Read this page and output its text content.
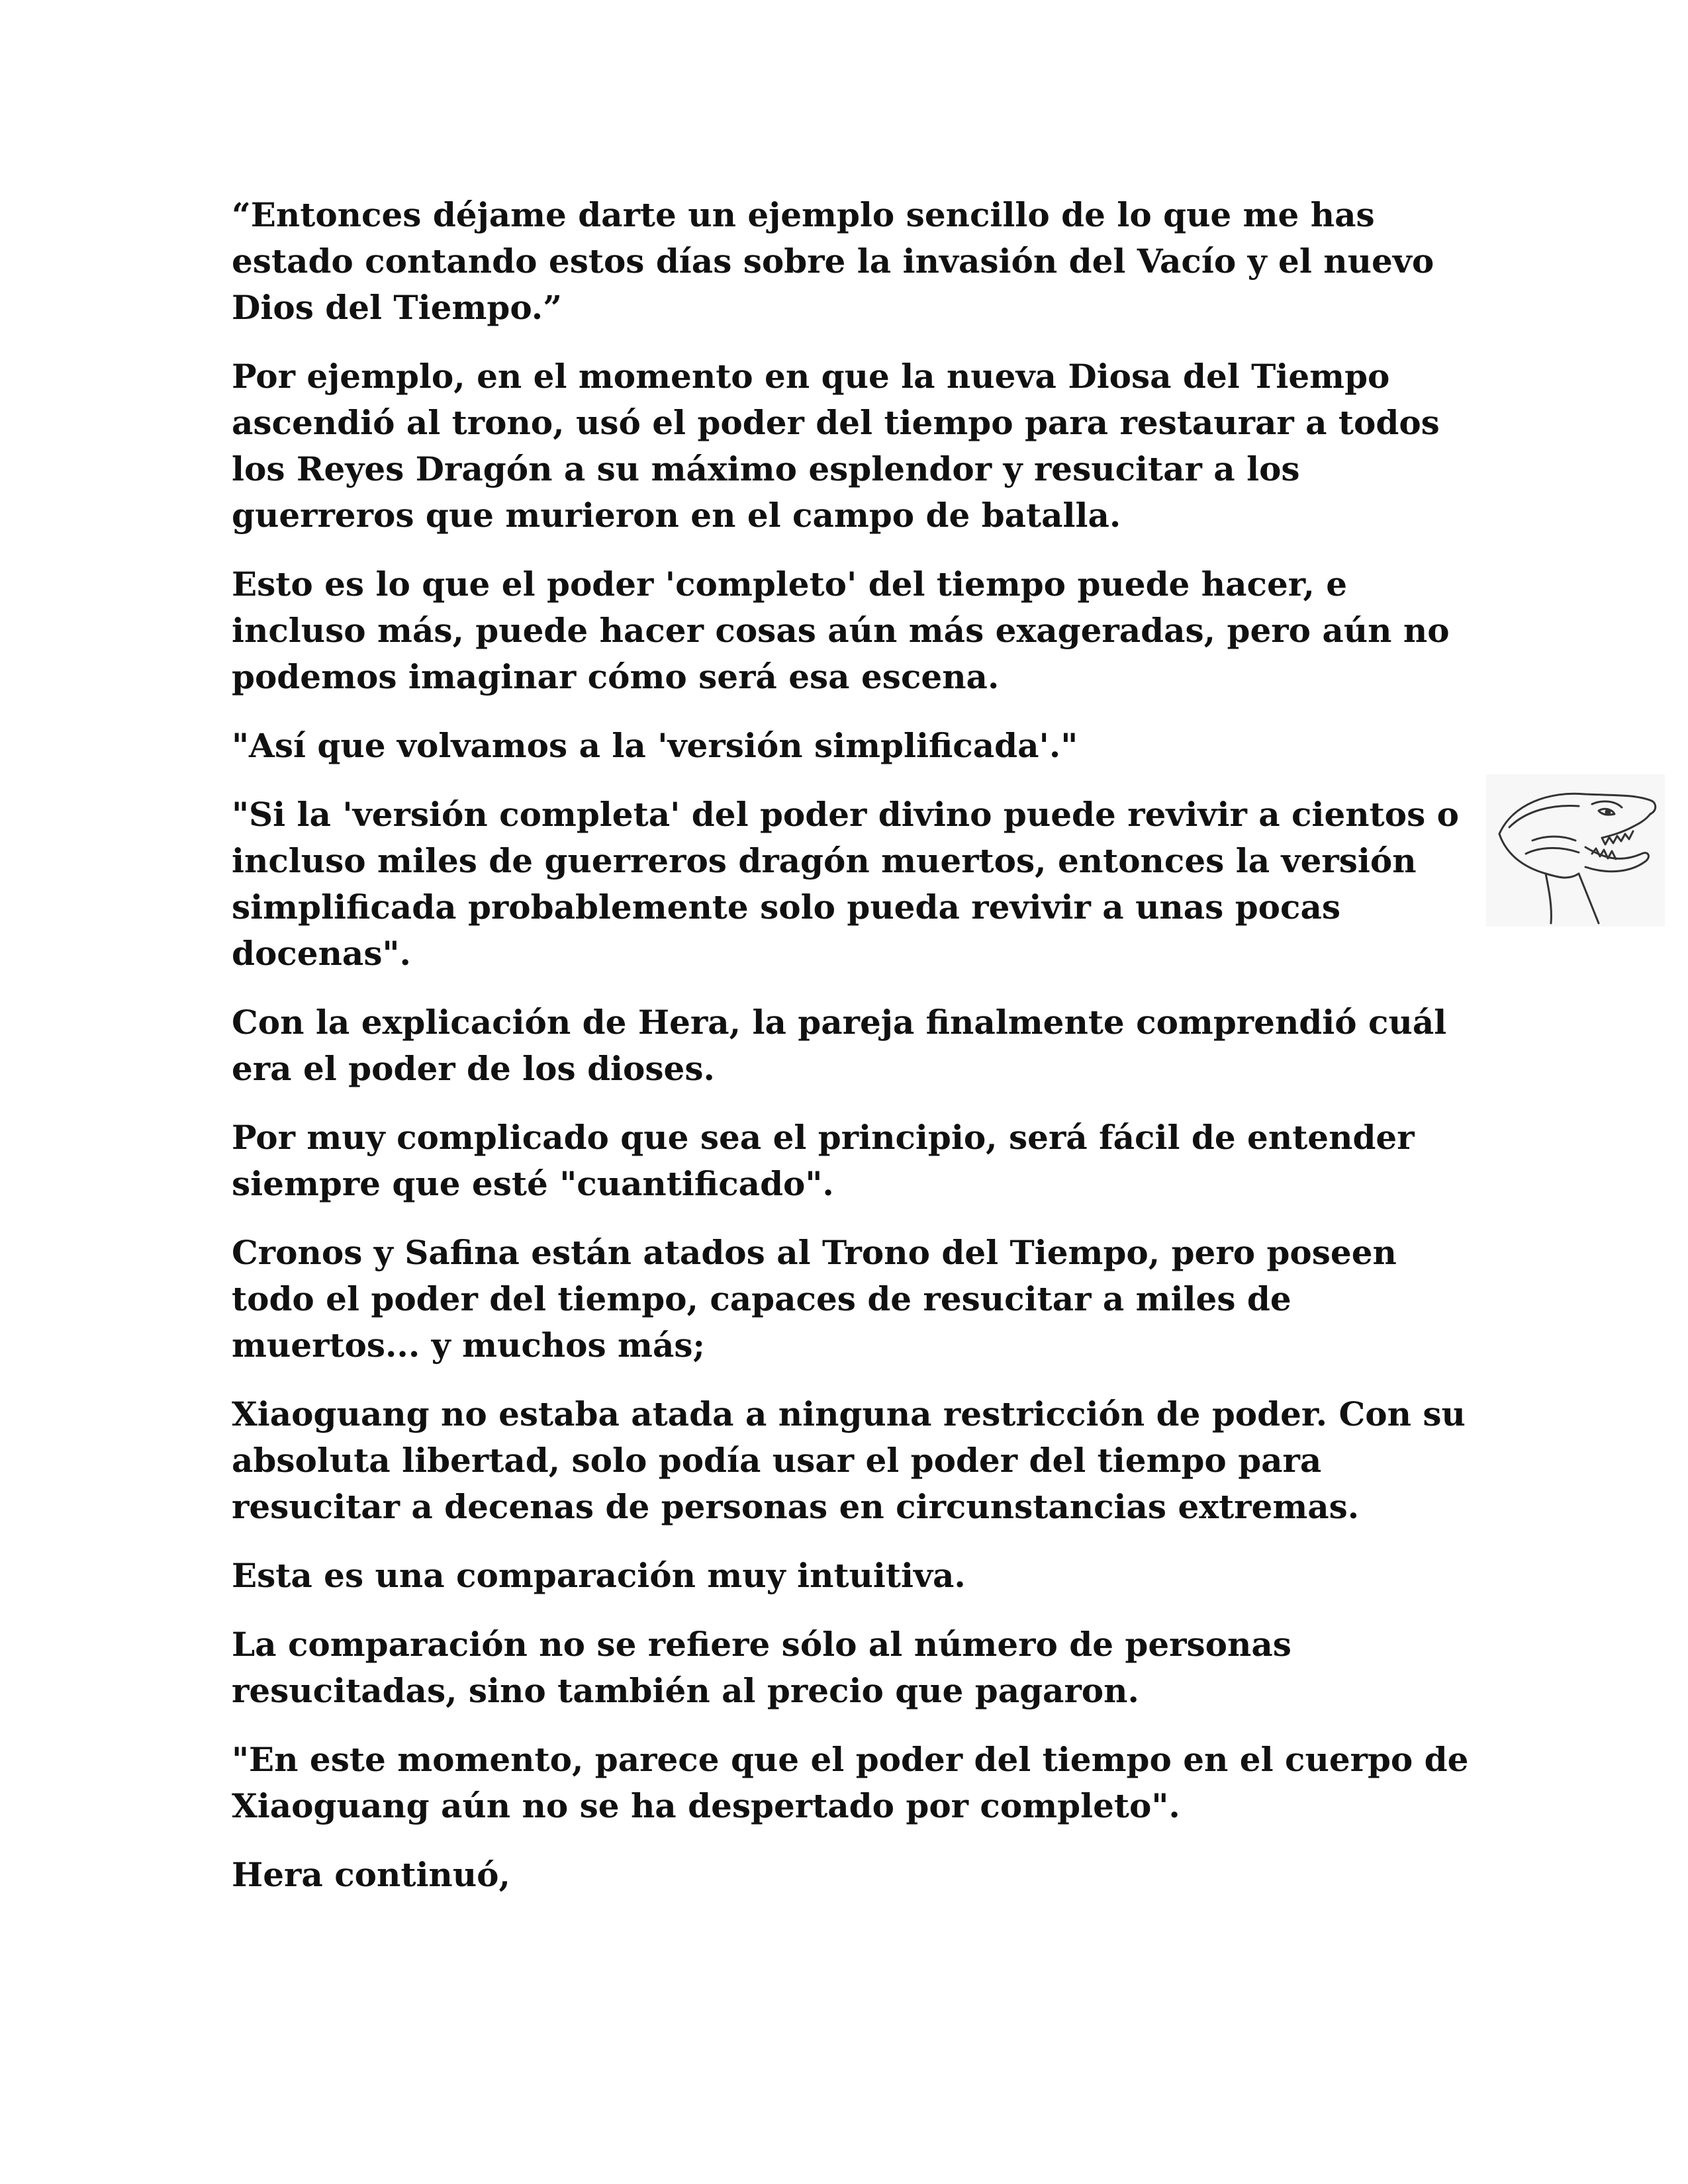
“Entonces déjame darte un ejemplo sencillo de lo que me has estado contando estos días sobre la invasión del Vacío y el nuevo Dios del Tiempo.”

Por ejemplo, en el momento en que la nueva Diosa del Tiempo ascendió al trono, usó el poder del tiempo para restaurar a todos los Reyes Dragón a su máximo esplendor y resucitar a los guerreros que murieron en el campo de batalla.

Esto es lo que el poder 'completo' del tiempo puede hacer, e incluso más, puede hacer cosas aún más exageradas, pero aún no podemos imaginar cómo será esa escena.

"Así que volvamos a la 'versión simplificada'."

"Si la 'versión completa' del poder divino puede revivir a cientos o incluso miles de guerreros dragón muertos, entonces la versión simplificada probablemente solo pueda revivir a unas pocas docenas".

Con la explicación de Hera, la pareja finalmente comprendió cuál era el poder de los dioses.

Por muy complicado que sea el principio, será fácil de entender siempre que esté "cuantificado".

Cronos y Safina están atados al Trono del Tiempo, pero poseen todo el poder del tiempo, capaces de resucitar a miles de muertos... y muchos más;

Xiaoguang no estaba atada a ninguna restricción de poder. Con su absoluta libertad, solo podía usar el poder del tiempo para resucitar a decenas de personas en circunstancias extremas.

Esta es una comparación muy intuitiva.

La comparación no se refiere sólo al número de personas resucitadas, sino también al precio que pagaron.

"En este momento, parece que el poder del tiempo en el cuerpo de Xiaoguang aún no se ha despertado por completo".

Hera continuó,
